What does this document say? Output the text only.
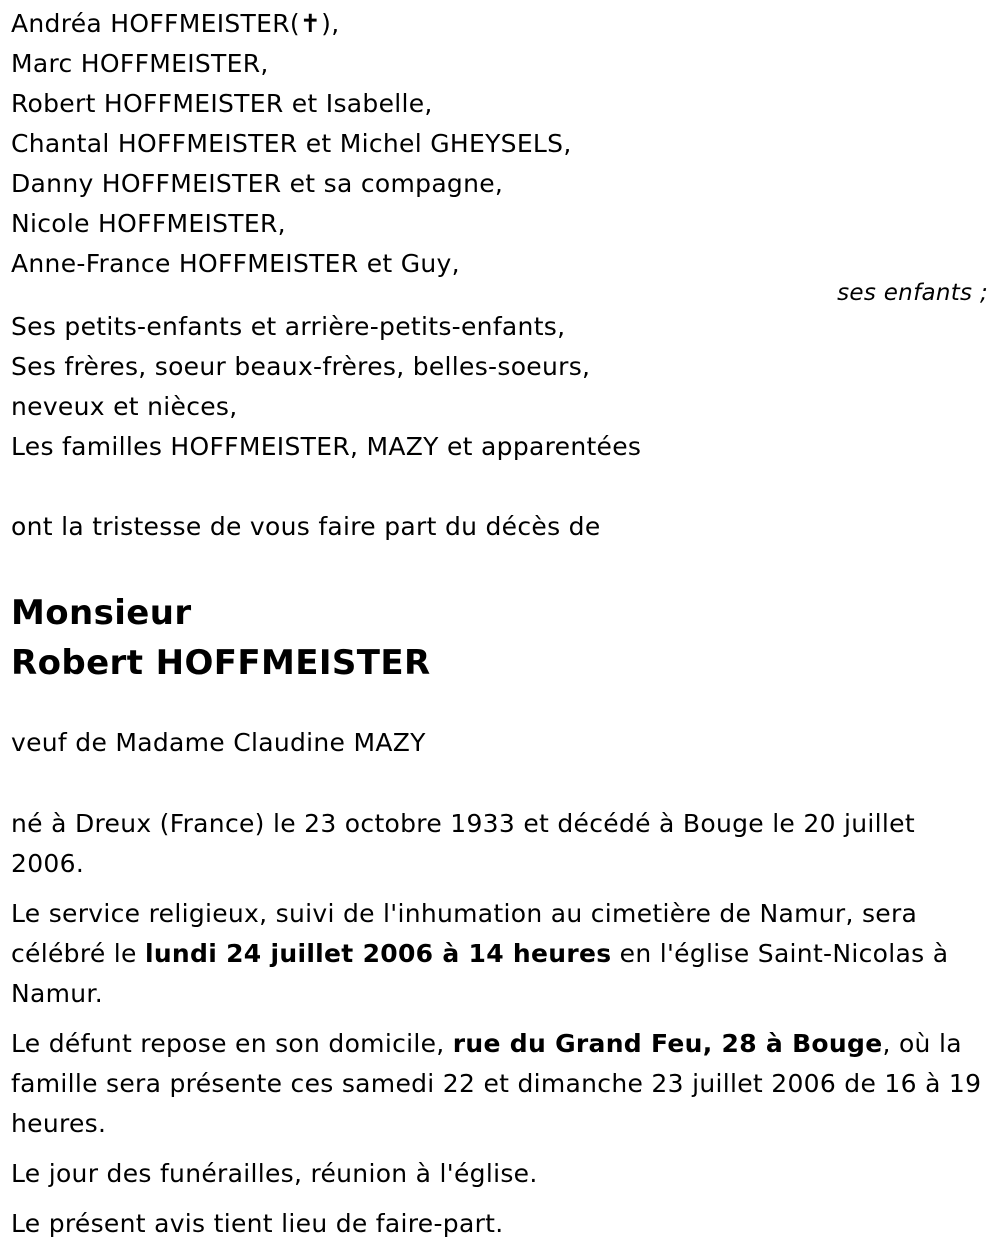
Andréa HOFFMEISTER(✝),
Marc HOFFMEISTER,
Robert HOFFMEISTER et Isabelle,
Chantal HOFFMEISTER et Michel GHEYSELS,
Danny HOFFMEISTER et sa compagne,
Nicole HOFFMEISTER,
Anne-France HOFFMEISTER et Guy,
ses enfants ;
Ses petits-enfants et arrière-petits-enfants,
Ses frères, soeur beaux-frères, belles-soeurs,
neveux et nièces,
Les familles HOFFMEISTER, MAZY et apparentées
ont la tristesse de vous faire part du décès de
Monsieur
Robert HOFFMEISTER
veuf de Madame Claudine MAZY

né à Dreux (France) le 23 octobre 1933 et décédé à Bouge le 20 juillet 2006.

Le service religieux, suivi de l'inhumation au cimetière de Namur, sera célébré le lundi 24 juillet 2006 à 14 heures en l'église Saint-Nicolas à Namur.

Le défunt repose en son domicile, rue du Grand Feu, 28 à Bouge, où la famille sera présente ces samedi 22 et dimanche 23 juillet 2006 de 16 à 19 heures.

Le jour des funérailles, réunion à l'église.

Le présent avis tient lieu de faire-part.
